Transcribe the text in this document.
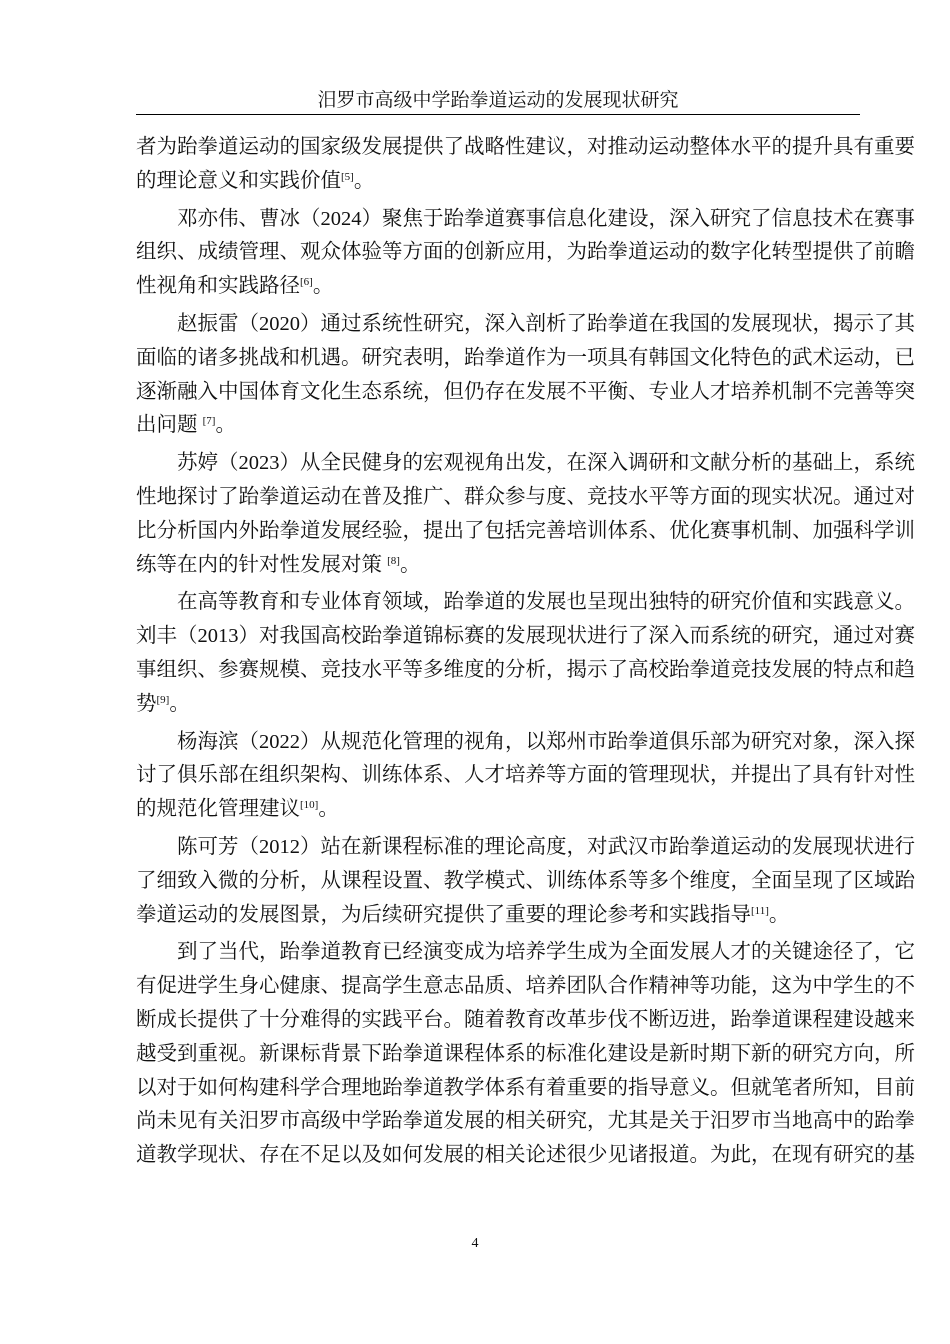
汨罗市高级中学跆拳道运动的发展现状研究
者为跆拳道运动的国家级发展提供了战略性建议，对推动运动整体水平的提升具有重要
的理论意义和实践价值[5]。
邓亦伟、曹冰（2024）聚焦于跆拳道赛事信息化建设，深入研究了信息技术在赛事
组织、成绩管理、观众体验等方面的创新应用，为跆拳道运动的数字化转型提供了前瞻
性视角和实践路径[6]。
赵振雷（2020）通过系统性研究，深入剖析了跆拳道在我国的发展现状，揭示了其
面临的诸多挑战和机遇。研究表明，跆拳道作为一项具有韩国文化特色的武术运动，已
逐渐融入中国体育文化生态系统，但仍存在发展不平衡、专业人才培养机制不完善等突
出问题 [7]。
苏婷（2023）从全民健身的宏观视角出发，在深入调研和文献分析的基础上，系统
性地探讨了跆拳道运动在普及推广、群众参与度、竞技水平等方面的现实状况。通过对
比分析国内外跆拳道发展经验，提出了包括完善培训体系、优化赛事机制、加强科学训
练等在内的针对性发展对策 [8]。
在高等教育和专业体育领域，跆拳道的发展也呈现出独特的研究价值和实践意义。
刘丰（2013）对我国高校跆拳道锦标赛的发展现状进行了深入而系统的研究，通过对赛
事组织、参赛规模、竞技水平等多维度的分析，揭示了高校跆拳道竞技发展的特点和趋
势[9]。
杨海滨（2022）从规范化管理的视角，以郑州市跆拳道俱乐部为研究对象，深入探
讨了俱乐部在组织架构、训练体系、人才培养等方面的管理现状，并提出了具有针对性
的规范化管理建议[10]。
陈可芳（2012）站在新课程标准的理论高度，对武汉市跆拳道运动的发展现状进行
了细致入微的分析，从课程设置、教学模式、训练体系等多个维度，全面呈现了区域跆
拳道运动的发展图景，为后续研究提供了重要的理论参考和实践指导[11]。
到了当代，跆拳道教育已经演变成为培养学生成为全面发展人才的关键途径了，它
有促进学生身心健康、提高学生意志品质、培养团队合作精神等功能，这为中学生的不
断成长提供了十分难得的实践平台。随着教育改革步伐不断迈进，跆拳道课程建设越来
越受到重视。新课标背景下跆拳道课程体系的标准化建设是新时期下新的研究方向，所
以对于如何构建科学合理地跆拳道教学体系有着重要的指导意义。但就笔者所知，目前
尚未见有关汨罗市高级中学跆拳道发展的相关研究，尤其是关于汨罗市当地高中的跆拳
道教学现状、存在不足以及如何发展的相关论述很少见诸报道。为此，在现有研究的基
4
